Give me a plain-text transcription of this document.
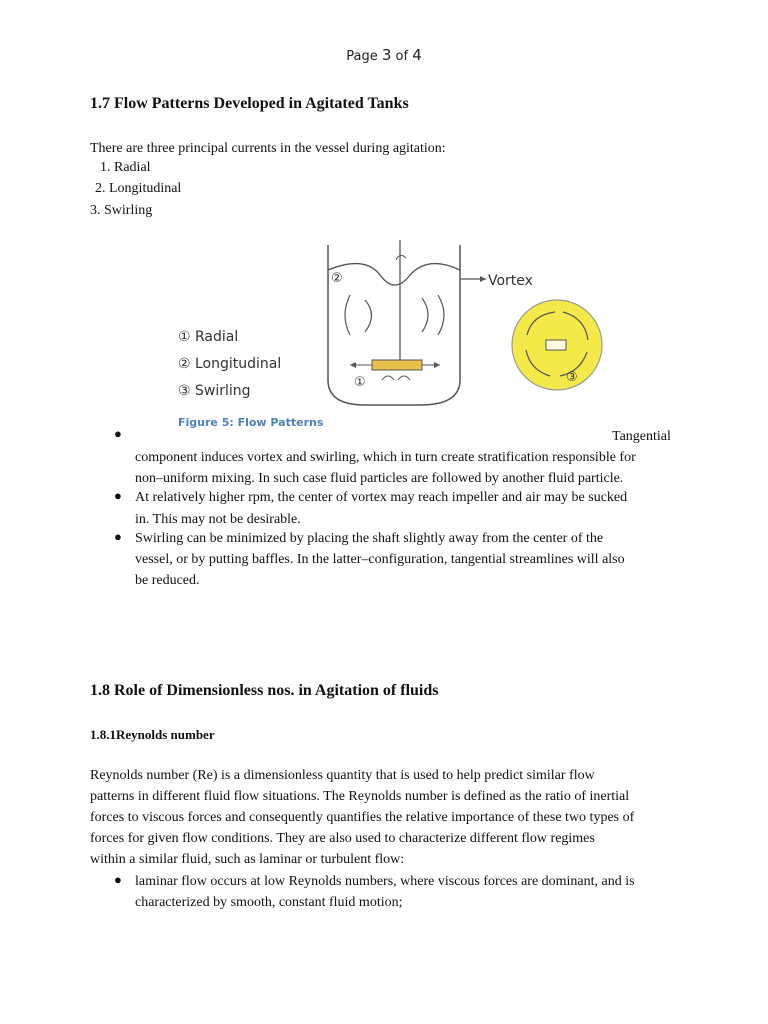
Page 3 of 4
1.7 Flow Patterns Developed in Agitated Tanks
There are three principal currents in the vessel during agitation:
1. Radial
2. Longitudinal
3. Swirling
① Radial
② Longitudinal
③ Swirling
②
①
Vortex
③
Figure 5: Flow Patterns
●	Tangential
component induces vortex and swirling, which in turn create stratification responsible for
non–uniform mixing. In such case fluid particles are followed by another fluid particle.
● At relatively higher rpm, the center of vortex may reach impeller and air may be sucked
in. This may not be desirable.
● Swirling can be minimized by placing the shaft slightly away from the center of the
vessel, or by putting baffles. In the latter–configuration, tangential streamlines will also
be reduced.
1.8 Role of Dimensionless nos. in Agitation of fluids
1.8.1Reynolds number
Reynolds number (Re) is a dimensionless quantity that is used to help predict similar flow
patterns in different fluid flow situations. The Reynolds number is defined as the ratio of inertial
forces to viscous forces and consequently quantifies the relative importance of these two types of
forces for given flow conditions. They are also used to characterize different flow regimes
within a similar fluid, such as laminar or turbulent flow:
● laminar flow occurs at low Reynolds numbers, where viscous forces are dominant, and is
characterized by smooth, constant fluid motion;
